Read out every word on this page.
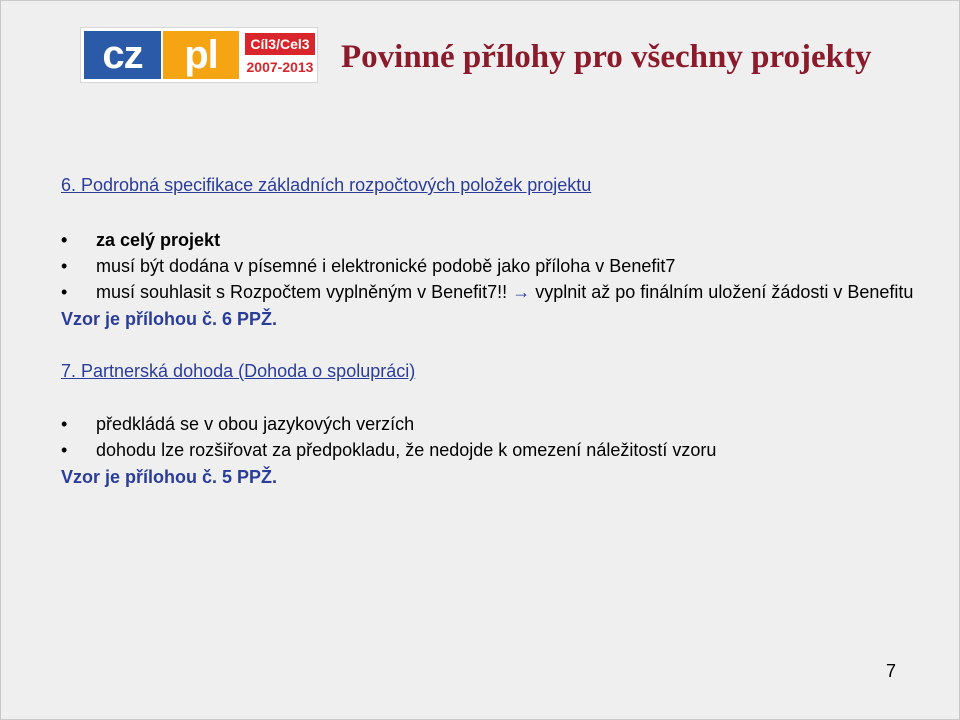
cz	pl	Cíl3/Cel3
2007-2013 Povinné přílohy pro všechny projekty
6. Podrobná specifikace základních rozpočtových položek projektu
• za celý projekt
• musí být dodána v písemné i elektronické podobě jako příloha v Benefit7
• musí souhlasit s Rozpočtem vyplněným v Benefit7!! → vyplnit až po finálním uložení žádosti v Benefitu

Vzor je přílohou č. 6 PPŽ.

7. Partnerská dohoda (Dohoda o spolupráci)
• předkládá se v obou jazykových verzích
• dohodu lze rozšiřovat za předpokladu, že nedojde k omezení náležitostí vzoru

Vzor je přílohou č. 5 PPŽ.

7
